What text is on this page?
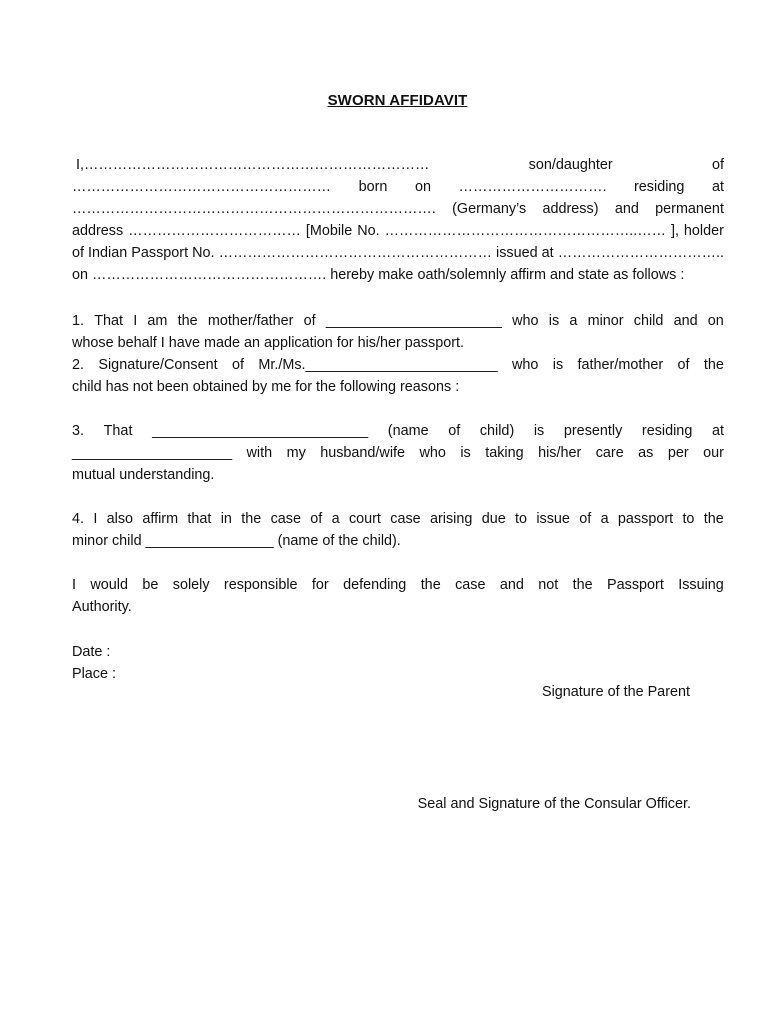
SWORN AFFIDAVIT
I,………………………………………………………………	son/daughter	of
……………………………………………… born on …………………………. residing at
…………………………………………………………………. (Germany’s address) and permanent
address ……………………………… [Mobile No. ……………………………………………..…… ], holder
of Indian Passport No. ………………………………………………… issued at ……………………………..
on …………………………………………. hereby make oath/solemnly affirm and state as follows :
1. That I am the mother/father of ______________________ who is a minor child and on
whose behalf I have made an application for his/her passport.
2. Signature/Consent of Mr./Ms.________________________ who is father/mother of the
child has not been obtained by me for the following reasons :
3. That ___________________________ (name of child) is presently residing at
____________________ with my husband/wife who is taking his/her care as per our
mutual understanding.
4. I also affirm that in the case of a court case arising due to issue of a passport to the
minor child ________________ (name of the child).
I would be solely responsible for defending the case and not the Passport Issuing
Authority.
Date :
Place :
Signature of the Parent
Seal and Signature of the Consular Officer.
